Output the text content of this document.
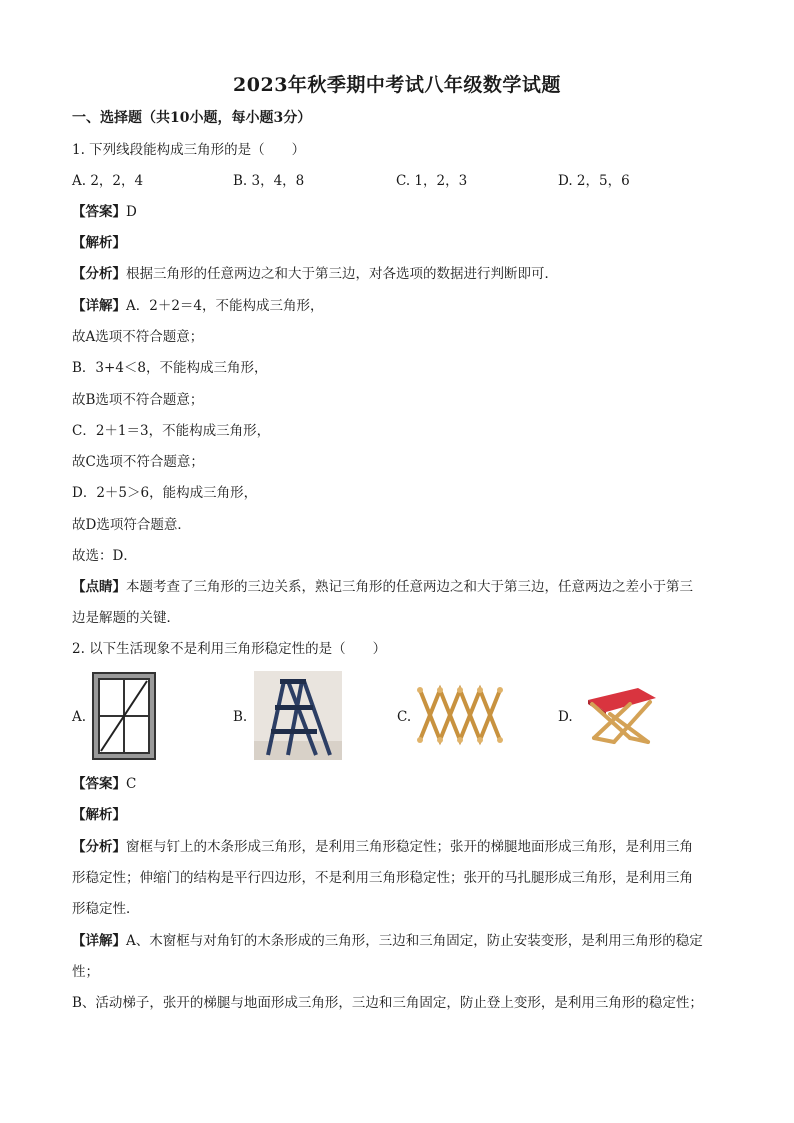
2023年秋季期中考试八年级数学试题
一、选择题（共10小题，每小题3分）
1. 下列线段能构成三角形的是（　　）
A. 2，2，4	B. 3，4，8	C. 1，2，3	D. 2，5，6
【答案】D
【解析】
【分析】根据三角形的任意两边之和大于第三边，对各选项的数据进行判断即可．
【详解】A．2＋2＝4，不能构成三角形，
故A选项不符合题意；
B．3+4＜8，不能构成三角形，
故B选项不符合题意；
C．2＋1＝3，不能构成三角形，
故C选项不符合题意；
D．2＋5＞6，能构成三角形，
故D选项符合题意．
故选：D．
【点睛】本题考查了三角形的三边关系，熟记三角形的任意两边之和大于第三边，任意两边之差小于第三
边是解题的关键．
2. 以下生活现象不是利用三角形稳定性的是（　　）
A.	B.	C.	D.
【答案】C
【解析】
【分析】窗框与钉上的木条形成三角形，是利用三角形稳定性；张开的梯腿地面形成三角形，是利用三角
形稳定性；伸缩门的结构是平行四边形，不是利用三角形稳定性；张开的马扎腿形成三角形，是利用三角
形稳定性．
【详解】A、木窗框与对角钉的木条形成的三角形，三边和三角固定，防止安装变形，是利用三角形的稳定
性；
B、活动梯子，张开的梯腿与地面形成三角形，三边和三角固定，防止登上变形，是利用三角形的稳定性；
